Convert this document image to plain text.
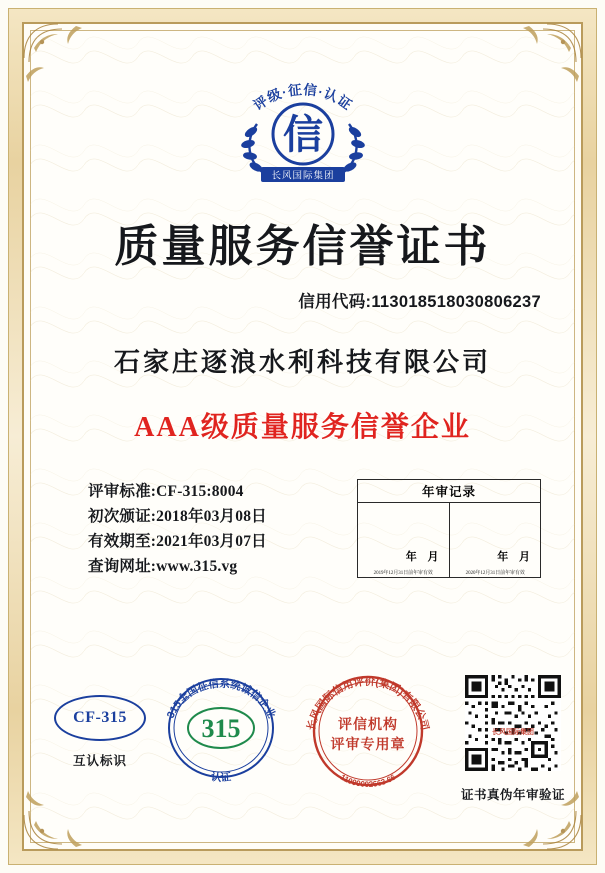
评级·征信·认证
信
长风国际集团
质量服务信誉证书
信用代码:113018518030806237
石家庄逐浪水利科技有限公司
AAA级质量服务信誉企业
评审标准:CF-315:8004
初次颁证:2018年03月08日
有效期至:2021年03月07日
查询网址:www.315.vg
年审记录
年 月
2019年12月31日前年审有效
年 月
2020年12月31日前年审有效
CF-315
互认标识
315全国征信系统诚信企业
认证
315	长风国际信用评价(集团)有限公司
11000002663 66
评信机构
评审专用章
长风国际集团
证书真伪年审验证
